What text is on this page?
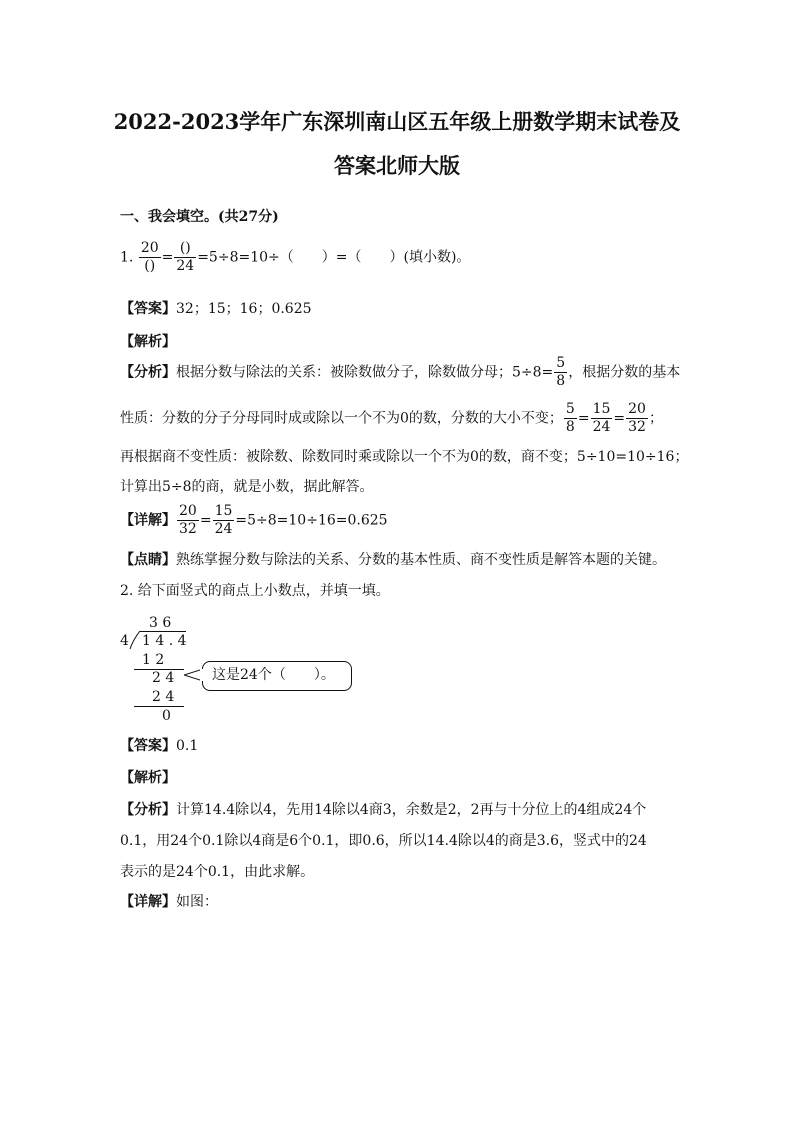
2022-2023学年广东深圳南山区五年级上册数学期末试卷及
答案北师大版
一、我会填空。(共27分)
1. $\frac{20}{()} = \frac{()}{24} =5\div 8=10\div$（　　）=（　　）(填小数)。
【答案】32；15；16；0.625
【解析】
【分析】根据分数与除法的关系：被除数做分子，除数做分母；$5\div 8= \frac{5}{8}$ ，根据分数的基本
性质：分数的分子分母同时成或除以一个不为0的数，分数的大小不变； $\frac{5}{8} = \frac{15}{24} = \frac{20}{32}$ ；
再根据商不变性质：被除数、除数同时乘或除以一个不为0的数，商不变；5÷10=10÷16；
计算出5÷8的商，就是小数，据此解答。
【详解】 $\frac{20}{32} = \frac{15}{24} =5\div 8=10\div 16=0.625$
【点睛】熟练掌握分数与除法的关系、分数的基本性质、商不变性质是解答本题的关键。
2. 给下面竖式的商点上小数点，并填一填。
3 6
4 1 4 . 4
1 2
2 4
2 4
0
这是24个（　　）。
【答案】0.1
【解析】
【分析】计算14.4除以4，先用14除以4商3，余数是2，2再与十分位上的4组成24个
0.1，用24个0.1除以4商是6个0.1，即0.6，所以14.4除以4的商是3.6，竖式中的24
表示的是24个0.1，由此求解。
【详解】如图：
